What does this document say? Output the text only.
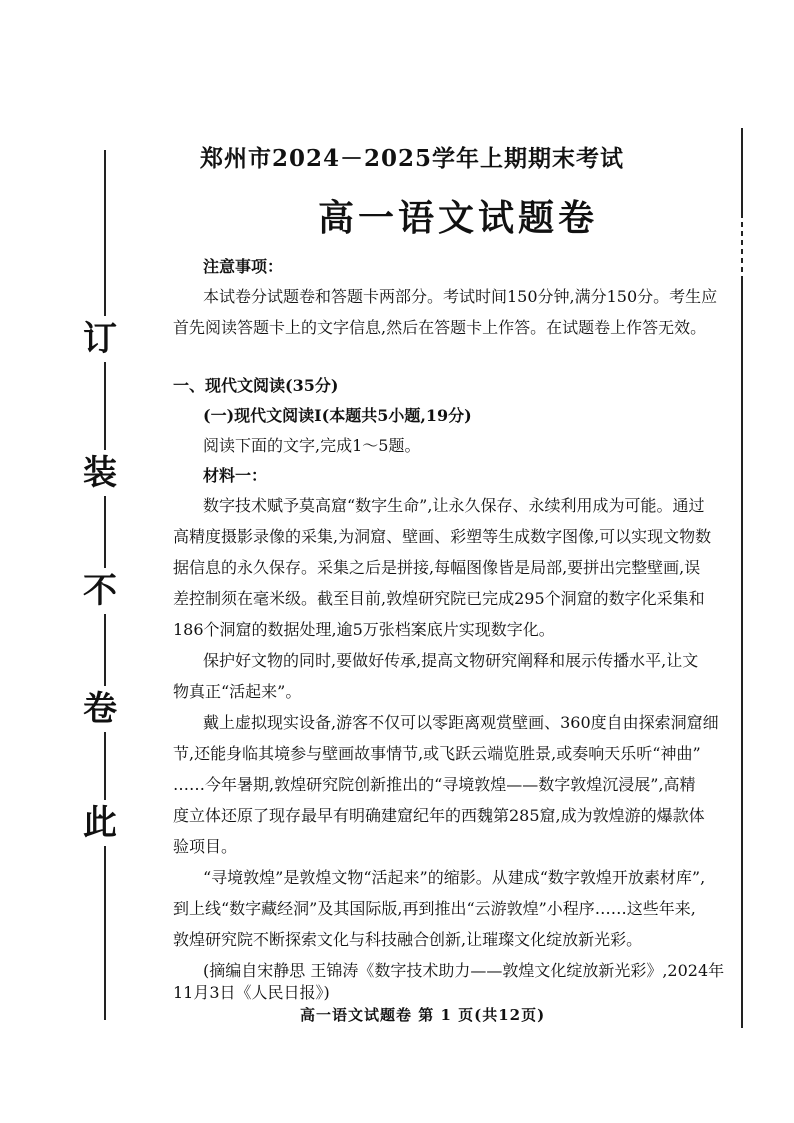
订
装
不
卷
此
郑州市2024－2025学年上期期末考试
高一语文试题卷
注意事项：
本试卷分试题卷和答题卡两部分。考试时间150分钟,满分150分。考生应
首先阅读答题卡上的文字信息,然后在答题卡上作答。在试题卷上作答无效。
一、现代文阅读(35分)
(一)现代文阅读Ⅰ(本题共5小题,19分)
阅读下面的文字,完成1～5题。
材料一：
数字技术赋予莫高窟“数字生命”,让永久保存、永续利用成为可能。通过
高精度摄影录像的采集,为洞窟、壁画、彩塑等生成数字图像,可以实现文物数
据信息的永久保存。采集之后是拼接,每幅图像皆是局部,要拼出完整壁画,误
差控制须在毫米级。截至目前,敦煌研究院已完成295个洞窟的数字化采集和
186个洞窟的数据处理,逾5万张档案底片实现数字化。
保护好文物的同时,要做好传承,提高文物研究阐释和展示传播水平,让文
物真正“活起来”。
戴上虚拟现实设备,游客不仅可以零距离观赏壁画、360度自由探索洞窟细
节,还能身临其境参与壁画故事情节,或飞跃云端览胜景,或奏响天乐听“神曲”
……今年暑期,敦煌研究院创新推出的“寻境敦煌——数字敦煌沉浸展”,高精
度立体还原了现存最早有明确建窟纪年的西魏第285窟,成为敦煌游的爆款体
验项目。
“寻境敦煌”是敦煌文物“活起来”的缩影。从建成“数字敦煌开放素材库”,
到上线“数字藏经洞”及其国际版,再到推出“云游敦煌”小程序……这些年来,
敦煌研究院不断探索文化与科技融合创新,让璀璨文化绽放新光彩。
(摘编自宋静思 王锦涛《数字技术助力——敦煌文化绽放新光彩》,2024年
11月3日《人民日报》)
高一语文试题卷 第 1 页(共12页)
